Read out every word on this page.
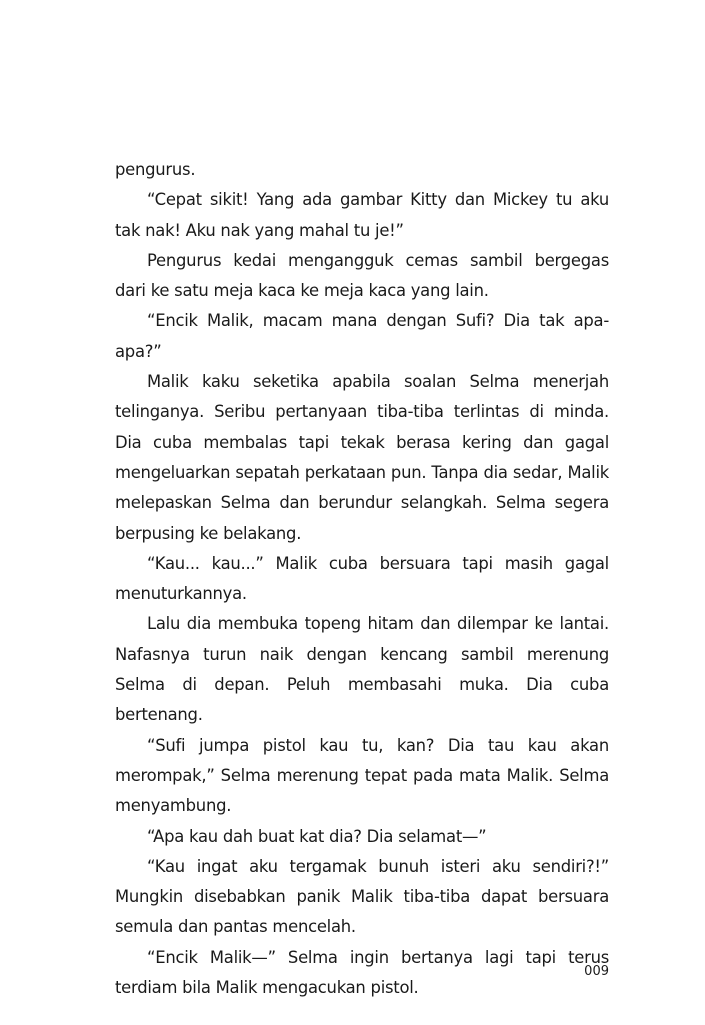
pengurus.

“Cepat sikit! Yang ada gambar Kitty dan Mickey tu aku tak nak! Aku nak yang mahal tu je!”

Pengurus kedai mengangguk cemas sambil bergegas dari ke satu meja kaca ke meja kaca yang lain.

“Encik Malik, macam mana dengan Sufi? Dia tak apa-apa?”

Malik kaku seketika apabila soalan Selma menerjah telinganya. Seribu pertanyaan tiba-tiba terlintas di minda. Dia cuba membalas tapi tekak berasa kering dan gagal mengeluarkan sepatah perkataan pun. Tanpa dia sedar, Malik melepaskan Selma dan berundur selangkah. Selma segera berpusing ke belakang.

“Kau... kau...” Malik cuba bersuara tapi masih gagal menuturkannya.

Lalu dia membuka topeng hitam dan dilempar ke lantai. Nafasnya turun naik dengan kencang sambil merenung Selma di depan. Peluh membasahi muka. Dia cuba bertenang.

“Sufi jumpa pistol kau tu, kan? Dia tau kau akan merompak,” Selma merenung tepat pada mata Malik. Selma menyambung.

“Apa kau dah buat kat dia? Dia selamat—”

“Kau ingat aku tergamak bunuh isteri aku sendiri?!” Mungkin disebabkan panik Malik tiba-tiba dapat bersuara semula dan pantas mencelah.

“Encik Malik—” Selma ingin bertanya lagi tapi terus terdiam bila Malik mengacukan pistol.

009
